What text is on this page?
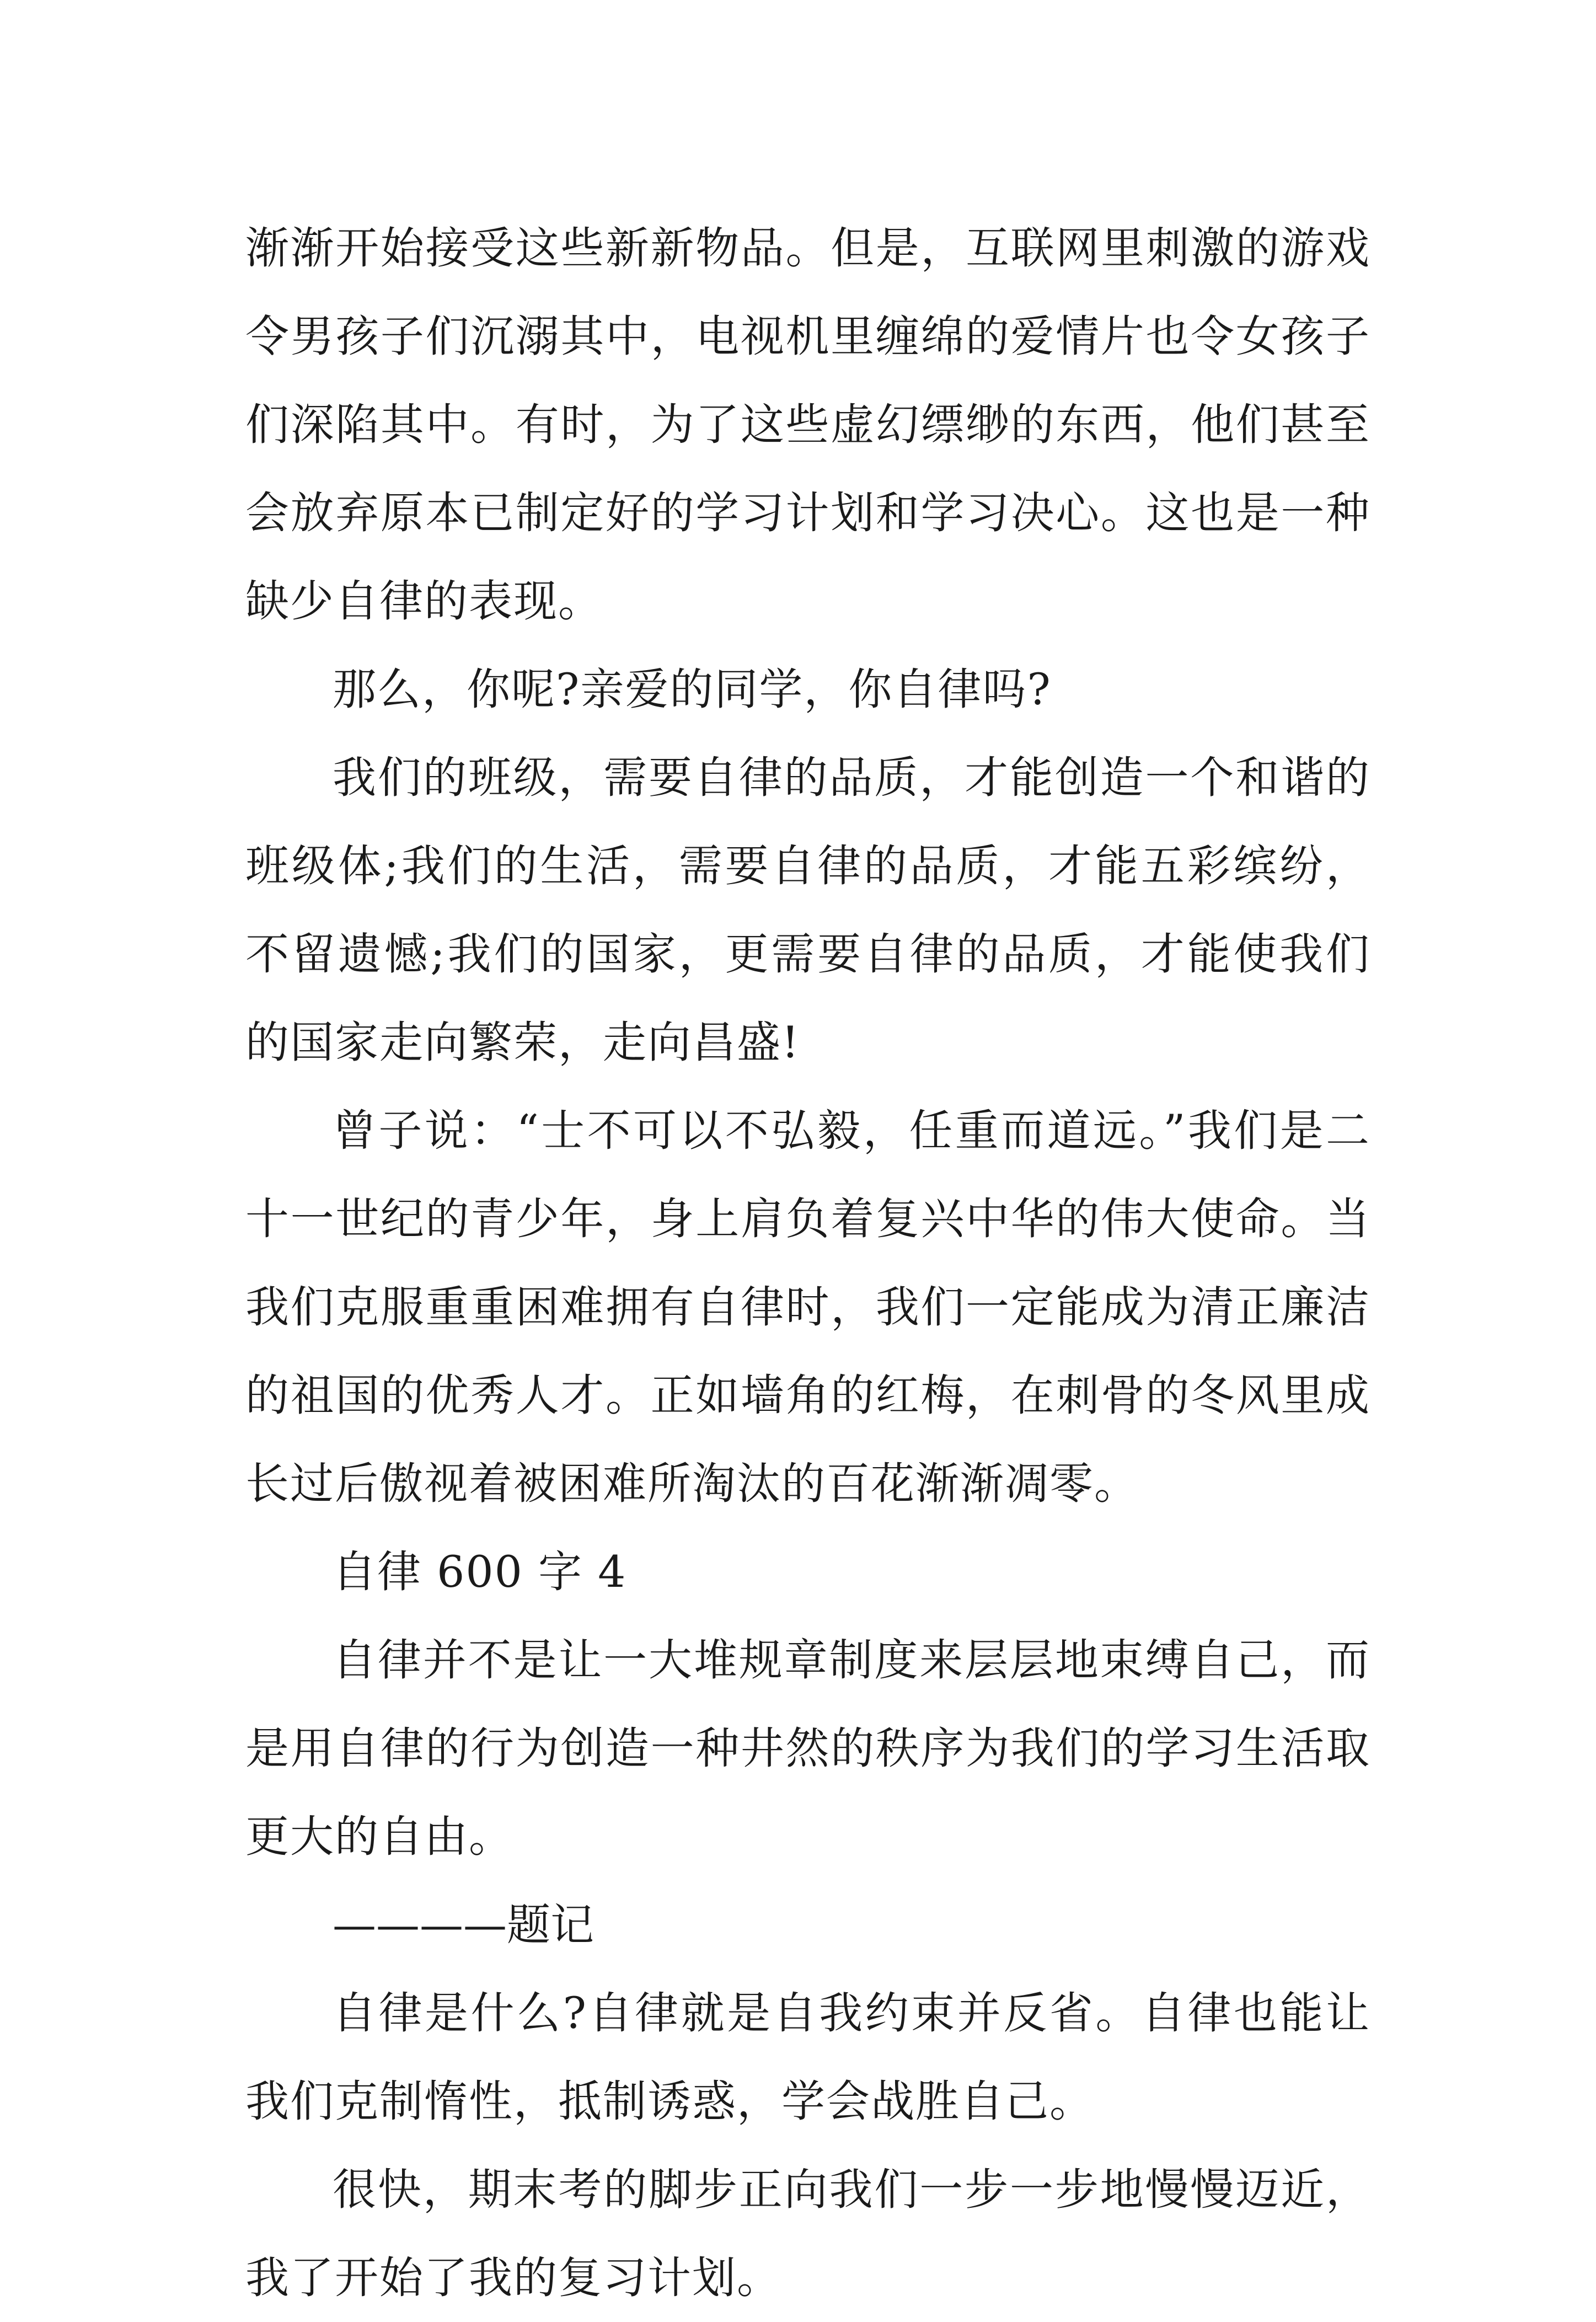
渐渐开始接受这些新新物品。但是，互联网里刺激的游戏令男孩子们沉溺其中，电视机里缠绵的爱情片也令女孩子们深陷其中。有时，为了这些虚幻缥缈的东西，他们甚至会放弃原本已制定好的学习计划和学习决心。这也是一种缺少自律的表现。

那么，你呢?亲爱的同学，你自律吗?

我们的班级，需要自律的品质，才能创造一个和谐的班级体;我们的生活，需要自律的品质，才能五彩缤纷，不留遗憾;我们的国家，更需要自律的品质，才能使我们的国家走向繁荣，走向昌盛!

曾子说：“士不可以不弘毅，任重而道远。”我们是二十一世纪的青少年，身上肩负着复兴中华的伟大使命。当我们克服重重困难拥有自律时，我们一定能成为清正廉洁的祖国的优秀人才。正如墙角的红梅，在刺骨的冬风里成长过后傲视着被困难所淘汰的百花渐渐凋零。

自律 600 字 4

自律并不是让一大堆规章制度来层层地束缚自己，而是用自律的行为创造一种井然的秩序为我们的学习生活取更大的自由。

————题记

自律是什么?自律就是自我约束并反省。自律也能让我们克制惰性，抵制诱惑，学会战胜自己。

很快，期末考的脚步正向我们一步一步地慢慢迈近，我了开始了我的复习计划。
